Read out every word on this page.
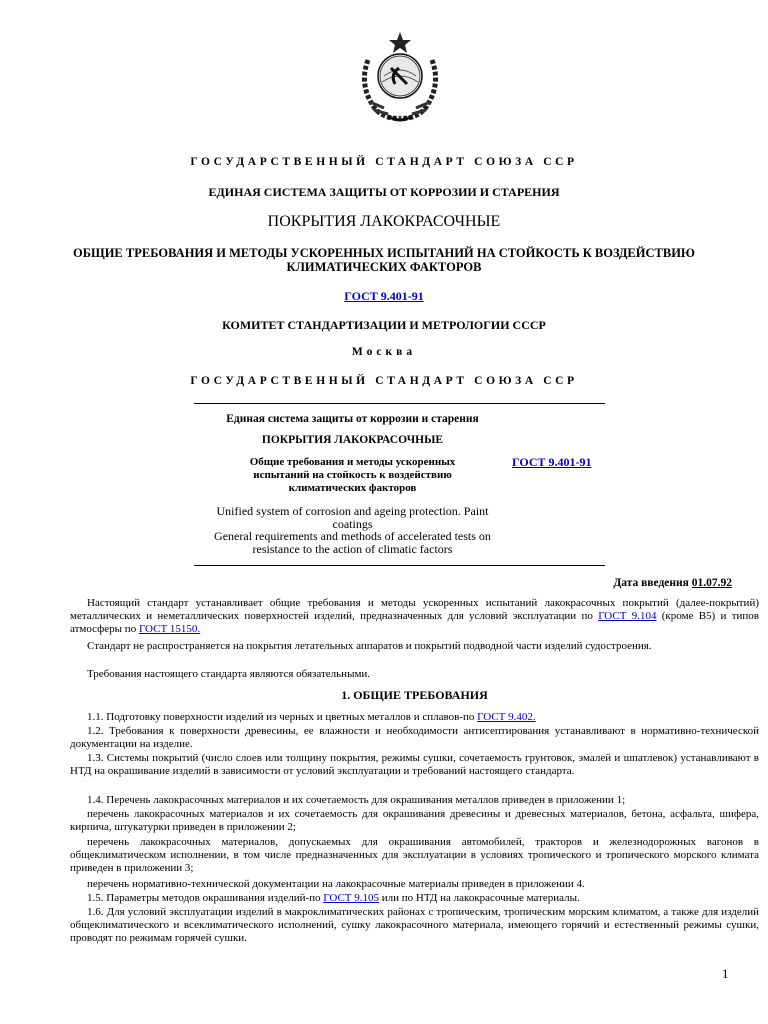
ГОСУДАРСТВЕННЫЙ СТАНДАРТ СОЮЗА ССР
ЕДИНАЯ СИСТЕМА ЗАЩИТЫ ОТ КОРРОЗИИ И СТАРЕНИЯ
ПОКРЫТИЯ ЛАКОКРАСОЧНЫЕ
ОБЩИЕ ТРЕБОВАНИЯ И МЕТОДЫ УСКОРЕННЫХ ИСПЫТАНИЙ НА СТОЙКОСТЬ К ВОЗДЕЙСТВИЮ
КЛИМАТИЧЕСКИХ ФАКТОРОВ
ГОСТ 9.401-91
КОМИТЕТ СТАНДАРТИЗАЦИИ И МЕТРОЛОГИИ СССР
Москва
ГОСУДАРСТВЕННЫЙ СТАНДАРТ СОЮЗА ССР
Единая система защиты от коррозии и старения
ПОКРЫТИЯ ЛАКОКРАСОЧНЫЕ
Общие требования и методы ускоренных
испытаний на стойкость к воздействию
климатических факторов
ГОСТ 9.401-91
Unified system of corrosion and ageing protection. Paint
coatings
General requirements and methods of accelerated tests on
resistance to the action of climatic factors
Дата введения 01.07.92
Настоящий стандарт устанавливает общие требования и методы ускоренных испытаний лакокрасочных покрытий (далее-покрытий) металлических и неметаллических поверхностей изделий, предназначенных для условий эксплуатации по ГОСТ 9.104 (кроме В5) и типов атмосферы по ГОСТ 15150.
Стандарт не распространяется на покрытия летательных аппаратов и покрытий подводной части изделий судостроения.
Требования настоящего стандарта являются обязательными.
1. ОБЩИЕ ТРЕБОВАНИЯ
1.1. Подготовку поверхности изделий из черных и цветных металлов и сплавов-по ГОСТ 9.402.
1.2. Требования к поверхности древесины, ее влажности и необходимости антисептирования устанавливают в нормативно-технической документации на изделие.
1.3. Системы покрытий (число слоев или толщину покрытия, режимы сушки, сочетаемость грунтовок, эмалей и шпатлевок) устанавливают в НТД на окрашивание изделий в зависимости от условий эксплуатации и требований настоящего стандарта.
1.4. Перечень лакокрасочных материалов и их сочетаемость для окрашивания металлов приведен в приложении 1;
перечень лакокрасочных материалов и их сочетаемость для окрашивания древесины и древесных материалов, бетона, асфальта, шифера, кирпича, штукатурки приведен в приложении 2;
перечень лакокрасочных материалов, допускаемых для окрашивания автомобилей, тракторов и железнодорожных вагонов в общеклиматическом исполнении, в том числе предназначенных для эксплуатации в условиях тропического и тропического морского климата приведен в приложении 3;
перечень нормативно-технической документации на лакокрасочные материалы приведен в приложении 4.
1.5. Параметры методов окрашивания изделий-по ГОСТ 9.105 или по НТД на лакокрасочные материалы.
1.6. Для условий эксплуатации изделий в макроклиматических районах с тропическим, тропическим морским климатом, а также для изделий общеклиматического и всеклиматического исполнений, сушку лакокрасочного материала, имеющего горячий и естественный режимы сушки, проводят по режимам горячей сушки.
1
